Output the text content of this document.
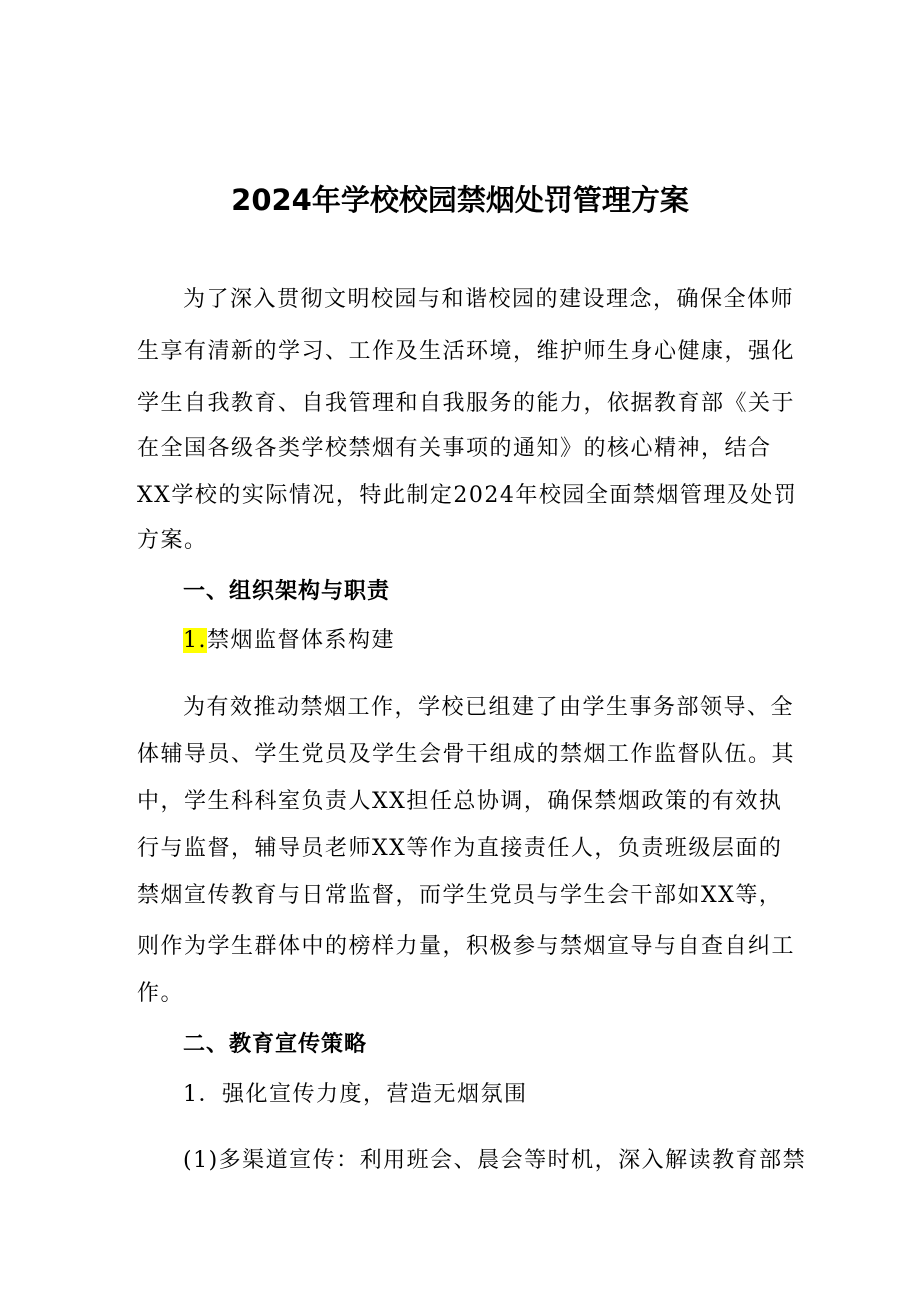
2024年学校校园禁烟处罚管理方案
为了深入贯彻文明校园与和谐校园的建设理念，确保全体师
生享有清新的学习、工作及生活环境，维护师生身心健康，强化
学生自我教育、自我管理和自我服务的能力，依据教育部《关于
在全国各级各类学校禁烟有关事项的通知》的核心精神，结合
XX学校的实际情况，特此制定2024年校园全面禁烟管理及处罚
方案。
一、组织架构与职责
1.禁烟监督体系构建
为有效推动禁烟工作，学校已组建了由学生事务部领导、全
体辅导员、学生党员及学生会骨干组成的禁烟工作监督队伍。其
中，学生科科室负责人XX担任总协调，确保禁烟政策的有效执
行与监督，辅导员老师XX等作为直接责任人，负责班级层面的
禁烟宣传教育与日常监督，而学生党员与学生会干部如XX等，
则作为学生群体中的榜样力量，积极参与禁烟宣导与自查自纠工
作。
二、教育宣传策略
1．强化宣传力度，营造无烟氛围
(1)多渠道宣传：利用班会、晨会等时机，深入解读教育部禁
